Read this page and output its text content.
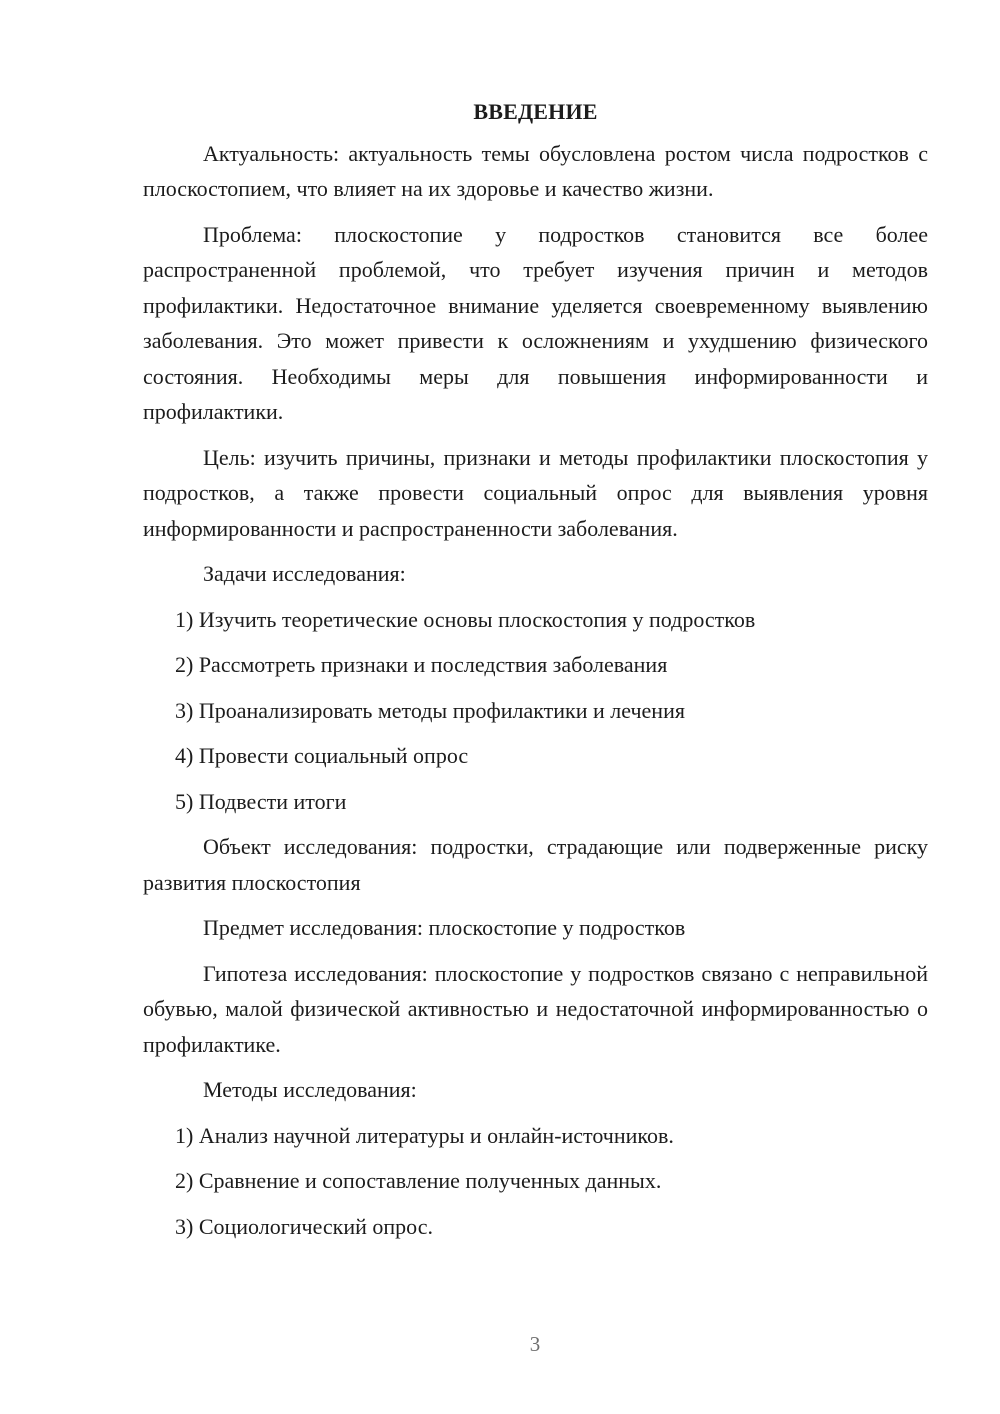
ВВЕДЕНИЕ

Актуальность: актуальность темы обусловлена ростом числа подростков с плоскостопием, что влияет на их здоровье и качество жизни.

Проблема: плоскостопие у подростков становится все более распространенной проблемой, что требует изучения причин и методов профилактики. Недостаточное внимание уделяется своевременному выявлению заболевания. Это может привести к осложнениям и ухудшению физического состояния. Необходимы меры для повышения информированности и профилактики.

Цель: изучить причины, признаки и методы профилактики плоскостопия у подростков, а также провести социальный опрос для выявления уровня информированности и распространенности заболевания.

Задачи исследования:

1) Изучить теоретические основы плоскостопия у подростков
2) Рассмотреть признаки и последствия заболевания
3) Проанализировать методы профилактики и лечения
4) Провести социальный опрос
5) Подвести итоги

Объект исследования: подростки, страдающие или подверженные риску развития плоскостопия

Предмет исследования: плоскостопие у подростков

Гипотеза исследования: плоскостопие у подростков связано с неправильной обувью, малой физической активностью и недостаточной информированностью о профилактике.

Методы исследования:

1) Анализ научной литературы и онлайн-источников.
2) Сравнение и сопоставление полученных данных.
3) Социологический опрос.
3
